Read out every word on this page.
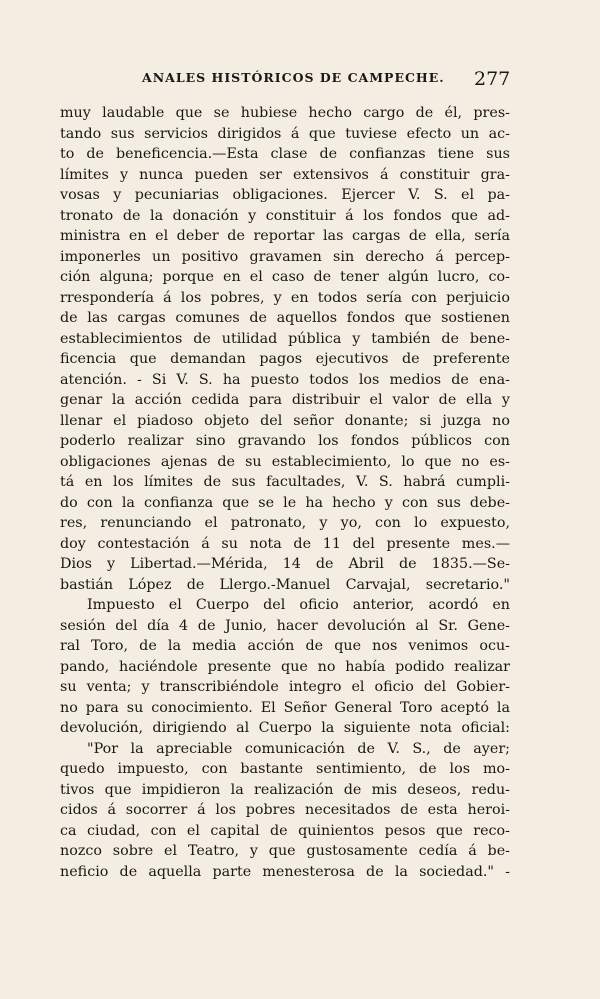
ANALES HISTÓRICOS DE CAMPECHE.	277
muy laudable que se hubiese hecho cargo de él, pres-
tando sus servicios dirigidos á que tuviese efecto un ac-
to de beneficencia.—Esta clase de confianzas tiene sus
límites y nunca pueden ser extensivos á constituir gra-
vosas y pecuniarias obligaciones. Ejercer V. S. el pa-
tronato de la donación y constituir á los fondos que ad-
ministra en el deber de reportar las cargas de ella, sería
imponerles un positivo gravamen sin derecho á percep-
ción alguna; porque en el caso de tener algún lucro, co-
rrespondería á los pobres, y en todos sería con perjuicio
de las cargas comunes de aquellos fondos que sostienen
establecimientos de utilidad pública y también de bene-
ficencia que demandan pagos ejecutivos de preferente
atención. - Si V. S. ha puesto todos los medios de ena-
genar la acción cedida para distribuir el valor de ella y
llenar el piadoso objeto del señor donante; si juzga no
poderlo realizar sino gravando los fondos públicos con
obligaciones ajenas de su establecimiento, lo que no es-
tá en los límites de sus facultades, V. S. habrá cumpli-
do con la confianza que se le ha hecho y con sus debe-
res, renunciando el patronato, y yo, con lo expuesto,
doy contestación á su nota de 11 del presente mes.—
Dios y Libertad.—Mérida, 14 de Abril de 1835.—Se-
bastián López de Llergo.-Manuel Carvajal, secretario."
Impuesto el Cuerpo del oficio anterior, acordó en
sesión del día 4 de Junio, hacer devolución al Sr. Gene-
ral Toro, de la media acción de que nos venimos ocu-
pando, haciéndole presente que no había podido realizar
su venta; y transcribiéndole integro el oficio del Gobier-
no para su conocimiento. El Señor General Toro aceptó la
devolución, dirigiendo al Cuerpo la siguiente nota oficial:
"Por la apreciable comunicación de V. S., de ayer;
quedo impuesto, con bastante sentimiento, de los mo-
tivos que impidieron la realización de mis deseos, redu-
cidos á socorrer á los pobres necesitados de esta heroi-
ca ciudad, con el capital de quinientos pesos que reco-
nozco sobre el Teatro, y que gustosamente cedía á be-
neficio de aquella parte menesterosa de la sociedad." -
